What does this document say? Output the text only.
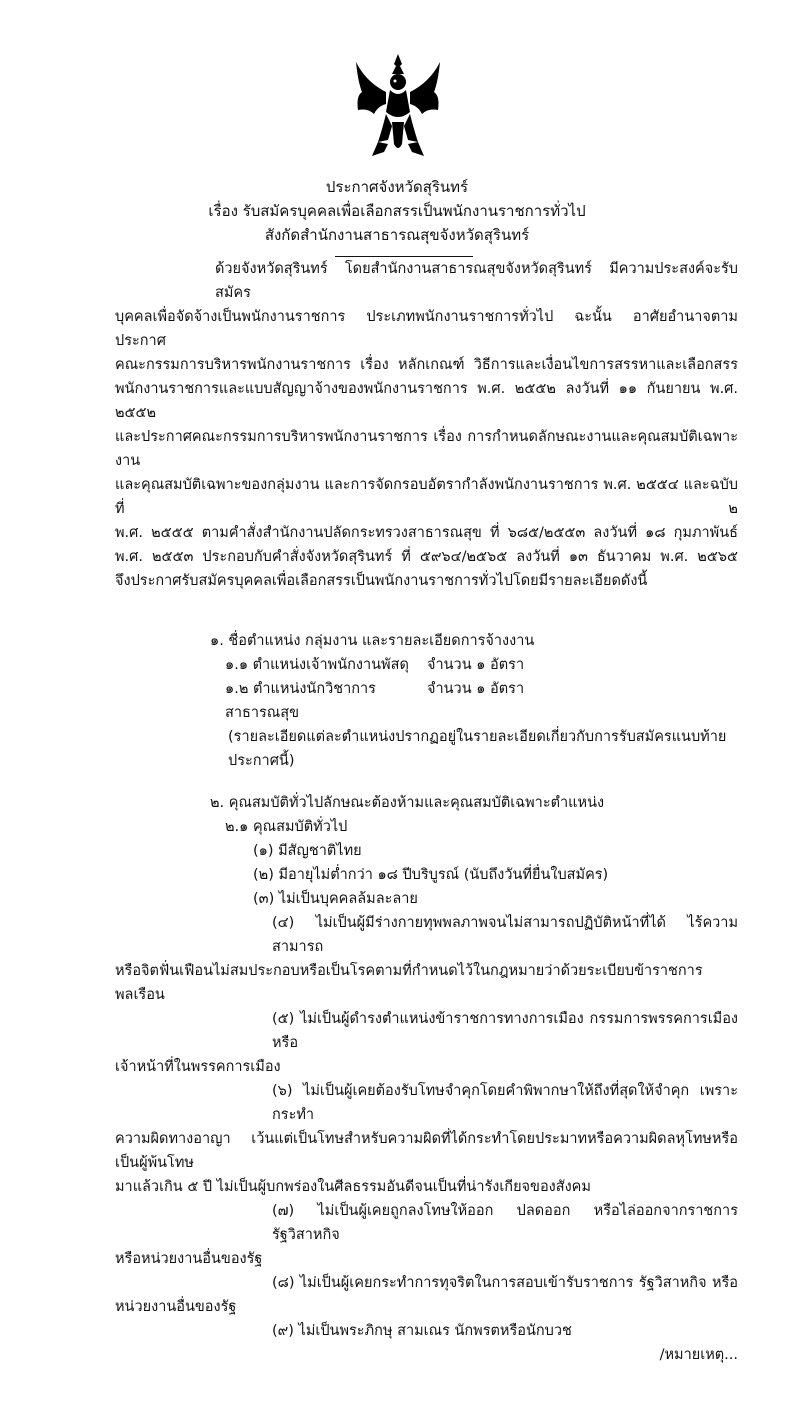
ประกาศจังหวัดสุรินทร์
เรื่อง รับสมัครบุคคลเพื่อเลือกสรรเป็นพนักงานราชการทั่วไป
สังกัดสำนักงานสาธารณสุขจังหวัดสุรินทร์
ด้วยจังหวัดสุรินทร์ โดยสำนักงานสาธารณสุขจังหวัดสุรินทร์ มีความประสงค์จะรับสมัคร
บุคคลเพื่อจัดจ้างเป็นพนักงานราชการ ประเภทพนักงานราชการทั่วไป ฉะนั้น อาศัยอำนาจตามประกาศ
คณะกรรมการบริหารพนักงานราชการ เรื่อง หลักเกณฑ์ วิธีการและเงื่อนไขการสรรหาและเลือกสรร
พนักงานราชการและแบบสัญญาจ้างของพนักงานราชการ พ.ศ. ๒๕๕๒ ลงวันที่ ๑๑ กันยายน พ.ศ. ๒๕๕๒
และประกาศคณะกรรมการบริหารพนักงานราชการ เรื่อง การกำหนดลักษณะงานและคุณสมบัติเฉพาะงาน
และคุณสมบัติเฉพาะของกลุ่มงาน และการจัดกรอบอัตรากำลังพนักงานราชการ พ.ศ. ๒๕๕๔ และฉบับที่ ๒
พ.ศ. ๒๕๕๕ ตามคำสั่งสำนักงานปลัดกระทรวงสาธารณสุข ที่ ๖๘๕/๒๕๕๓ ลงวันที่ ๑๘ กุมภาพันธ์
พ.ศ. ๒๕๕๓ ประกอบกับคำสั่งจังหวัดสุรินทร์ ที่ ๕๙๖๔/๒๕๖๕ ลงวันที่ ๑๓ ธันวาคม พ.ศ. ๒๕๖๕
จึงประกาศรับสมัครบุคคลเพื่อเลือกสรรเป็นพนักงานราชการทั่วไปโดยมีรายละเอียดดังนี้
๑. ชื่อตำแหน่ง กลุ่มงาน และรายละเอียดการจ้างงาน
๑.๑ ตำแหน่งเจ้าพนักงานพัสดุ	จำนวน ๑ อัตรา
๑.๒ ตำแหน่งนักวิชาการสาธารณสุข
จำนวน ๑ อัตรา
(รายละเอียดแต่ละตำแหน่งปรากฏอยู่ในรายละเอียดเกี่ยวกับการรับสมัครแนบท้ายประกาศนี้)
๒. คุณสมบัติทั่วไปลักษณะต้องห้ามและคุณสมบัติเฉพาะตำแหน่ง
๒.๑ คุณสมบัติทั่วไป
(๑) มีสัญชาติไทย
(๒) มีอายุไม่ต่ำกว่า ๑๘ ปีบริบูรณ์ (นับถึงวันที่ยื่นใบสมัคร)
(๓) ไม่เป็นบุคคลล้มละลาย
(๔) ไม่เป็นผู้มีร่างกายทุพพลภาพจนไม่สามารถปฏิบัติหน้าที่ได้ ไร้ความสามารถ
หรือจิตฟั่นเฟือนไม่สมประกอบหรือเป็นโรคตามที่กำหนดไว้ในกฎหมายว่าด้วยระเบียบข้าราชการพลเรือน
(๕) ไม่เป็นผู้ดำรงตำแหน่งข้าราชการทางการเมือง กรรมการพรรคการเมือง หรือ
เจ้าหน้าที่ในพรรคการเมือง
(๖) ไม่เป็นผู้เคยต้องรับโทษจำคุกโดยคำพิพากษาให้ถึงที่สุดให้จำคุก เพราะกระทำ
ความผิดทางอาญา เว้นแต่เป็นโทษสำหรับความผิดที่ได้กระทำโดยประมาทหรือความผิดลหุโทษหรือเป็นผู้พ้นโทษ
มาแล้วเกิน ๕ ปี ไม่เป็นผู้บกพร่องในศีลธรรมอันดีจนเป็นที่น่ารังเกียจของสังคม
(๗) ไม่เป็นผู้เคยถูกลงโทษให้ออก ปลดออก หรือไล่ออกจากราชการ รัฐวิสาหกิจ
หรือหน่วยงานอื่นของรัฐ
(๘) ไม่เป็นผู้เคยกระทำการทุจริตในการสอบเข้ารับราชการ รัฐวิสาหกิจ หรือ
หน่วยงานอื่นของรัฐ
(๙) ไม่เป็นพระภิกษุ สามเณร นักพรตหรือนักบวช
/หมายเหตุ...
